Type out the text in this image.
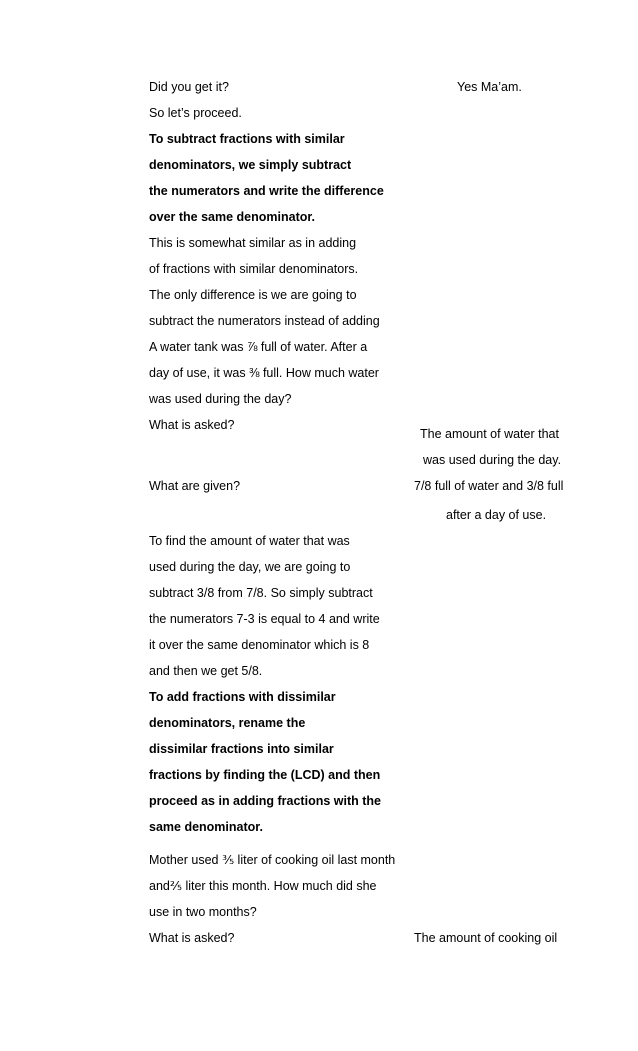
Did you get it?
So let’s proceed.
To subtract fractions with similar
denominators, we simply subtract
the numerators and write the difference
over the same denominator.
This is somewhat similar as in adding
of fractions with similar denominators.
The only difference is we are going to
subtract the numerators instead of adding
A water tank was ⅞ full of water. After a
day of use, it was ⅜ full. How much water
was used during the day?
What is asked?
What are given?
To find the amount of water that was
used during the day, we are going to
subtract 3/8 from 7/8. So simply subtract
the numerators 7-3 is equal to 4 and write
it over the same denominator which is 8
and then we get 5/8.
To add fractions with dissimilar
denominators, rename the
dissimilar fractions into similar
fractions by finding the (LCD) and then
proceed as in adding fractions with the
same denominator.
Mother used ⅗ liter of cooking oil last month
and⅖ liter this month. How much did she
use in two months?
What is asked?
Yes Ma’am.
The amount of water that
was used during the day.
7/8 full of water and 3/8 full
after a day of use.
The amount of cooking oil
